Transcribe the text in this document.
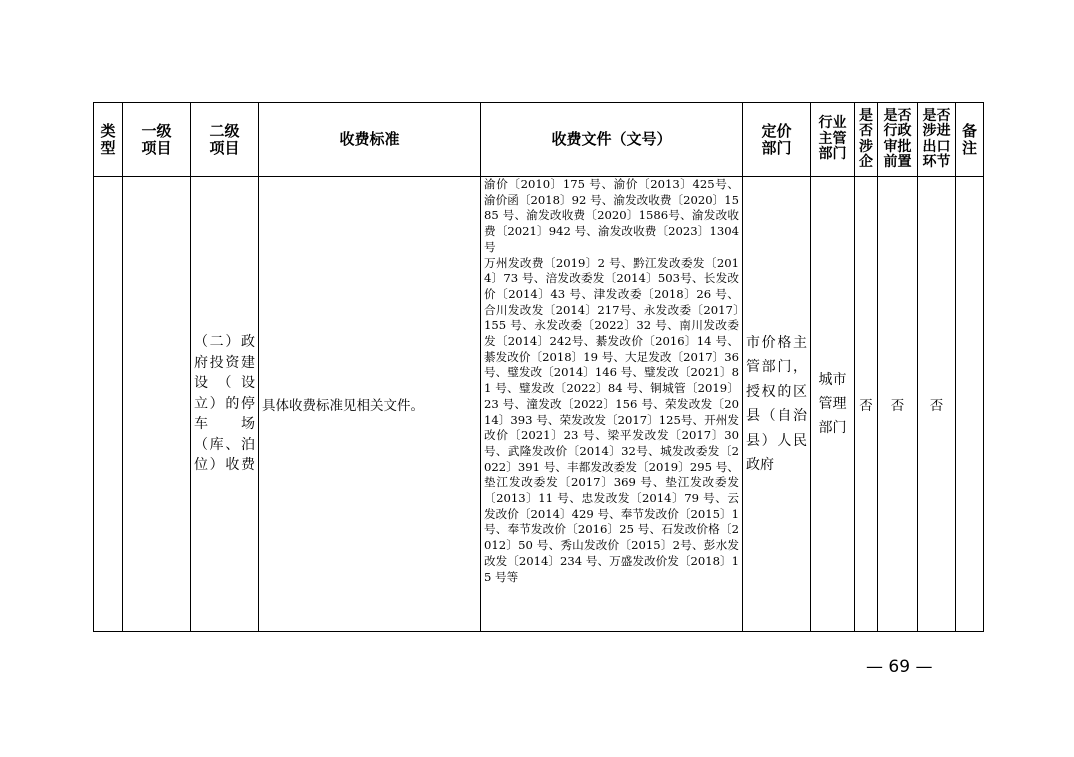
类型	一级项目	二级项目	收费标准	收费文件（文号）	定价部门	行业主管部门	是否涉企	是否行政审批前置	是否涉进出口环节	备注

		（二）政府投资建设（设立）的停车场（库、泊位）收费	具体收费标准见相关文件。	渝价〔2010〕175 号、渝价〔2013〕425号、渝价函〔2018〕92 号、渝发改收费〔2020〕1585 号、渝发改收费〔2020〕1586号、渝发改收费〔2021〕942 号、渝发改收费〔2023〕1304 号
万州发改费〔2019〕2 号、黔江发改委发〔2014〕73 号、涪发改委发〔2014〕503号、长发改价〔2014〕43 号、津发改委〔2018〕26 号、合川发改发〔2014〕217号、永发改委〔2017〕155 号、永发改委〔2022〕32 号、南川发改委发〔2014〕242号、綦发改价〔2016〕14 号、綦发改价〔2018〕19 号、大足发改〔2017〕36 号、璧发改〔2014〕146 号、璧发改〔2021〕81 号、璧发改〔2022〕84 号、铜城管〔2019〕23 号、潼发改〔2022〕156 号、荣发改发〔2014〕393 号、荣发改发〔2017〕125号、开州发改价〔2021〕23 号、梁平发改发〔2017〕30 号、武隆发改价〔2014〕32号、城发改委发〔2022〕391 号、丰都发改委发〔2019〕295 号、垫江发改委发〔2017〕369 号、垫江发改委发〔2013〕11 号、忠发改发〔2014〕79 号、云发改价〔2014〕429 号、奉节发改价〔2015〕1号、奉节发改价〔2016〕25 号、石发改价格〔2012〕50 号、秀山发改价〔2015〕2号、彭水发改发〔2014〕234 号、万盛发改价发〔2018〕15 号等	市价格主管部门，授权的区县（自治县）人民政府	城市管理部门	否	否	否	
— 69 —
